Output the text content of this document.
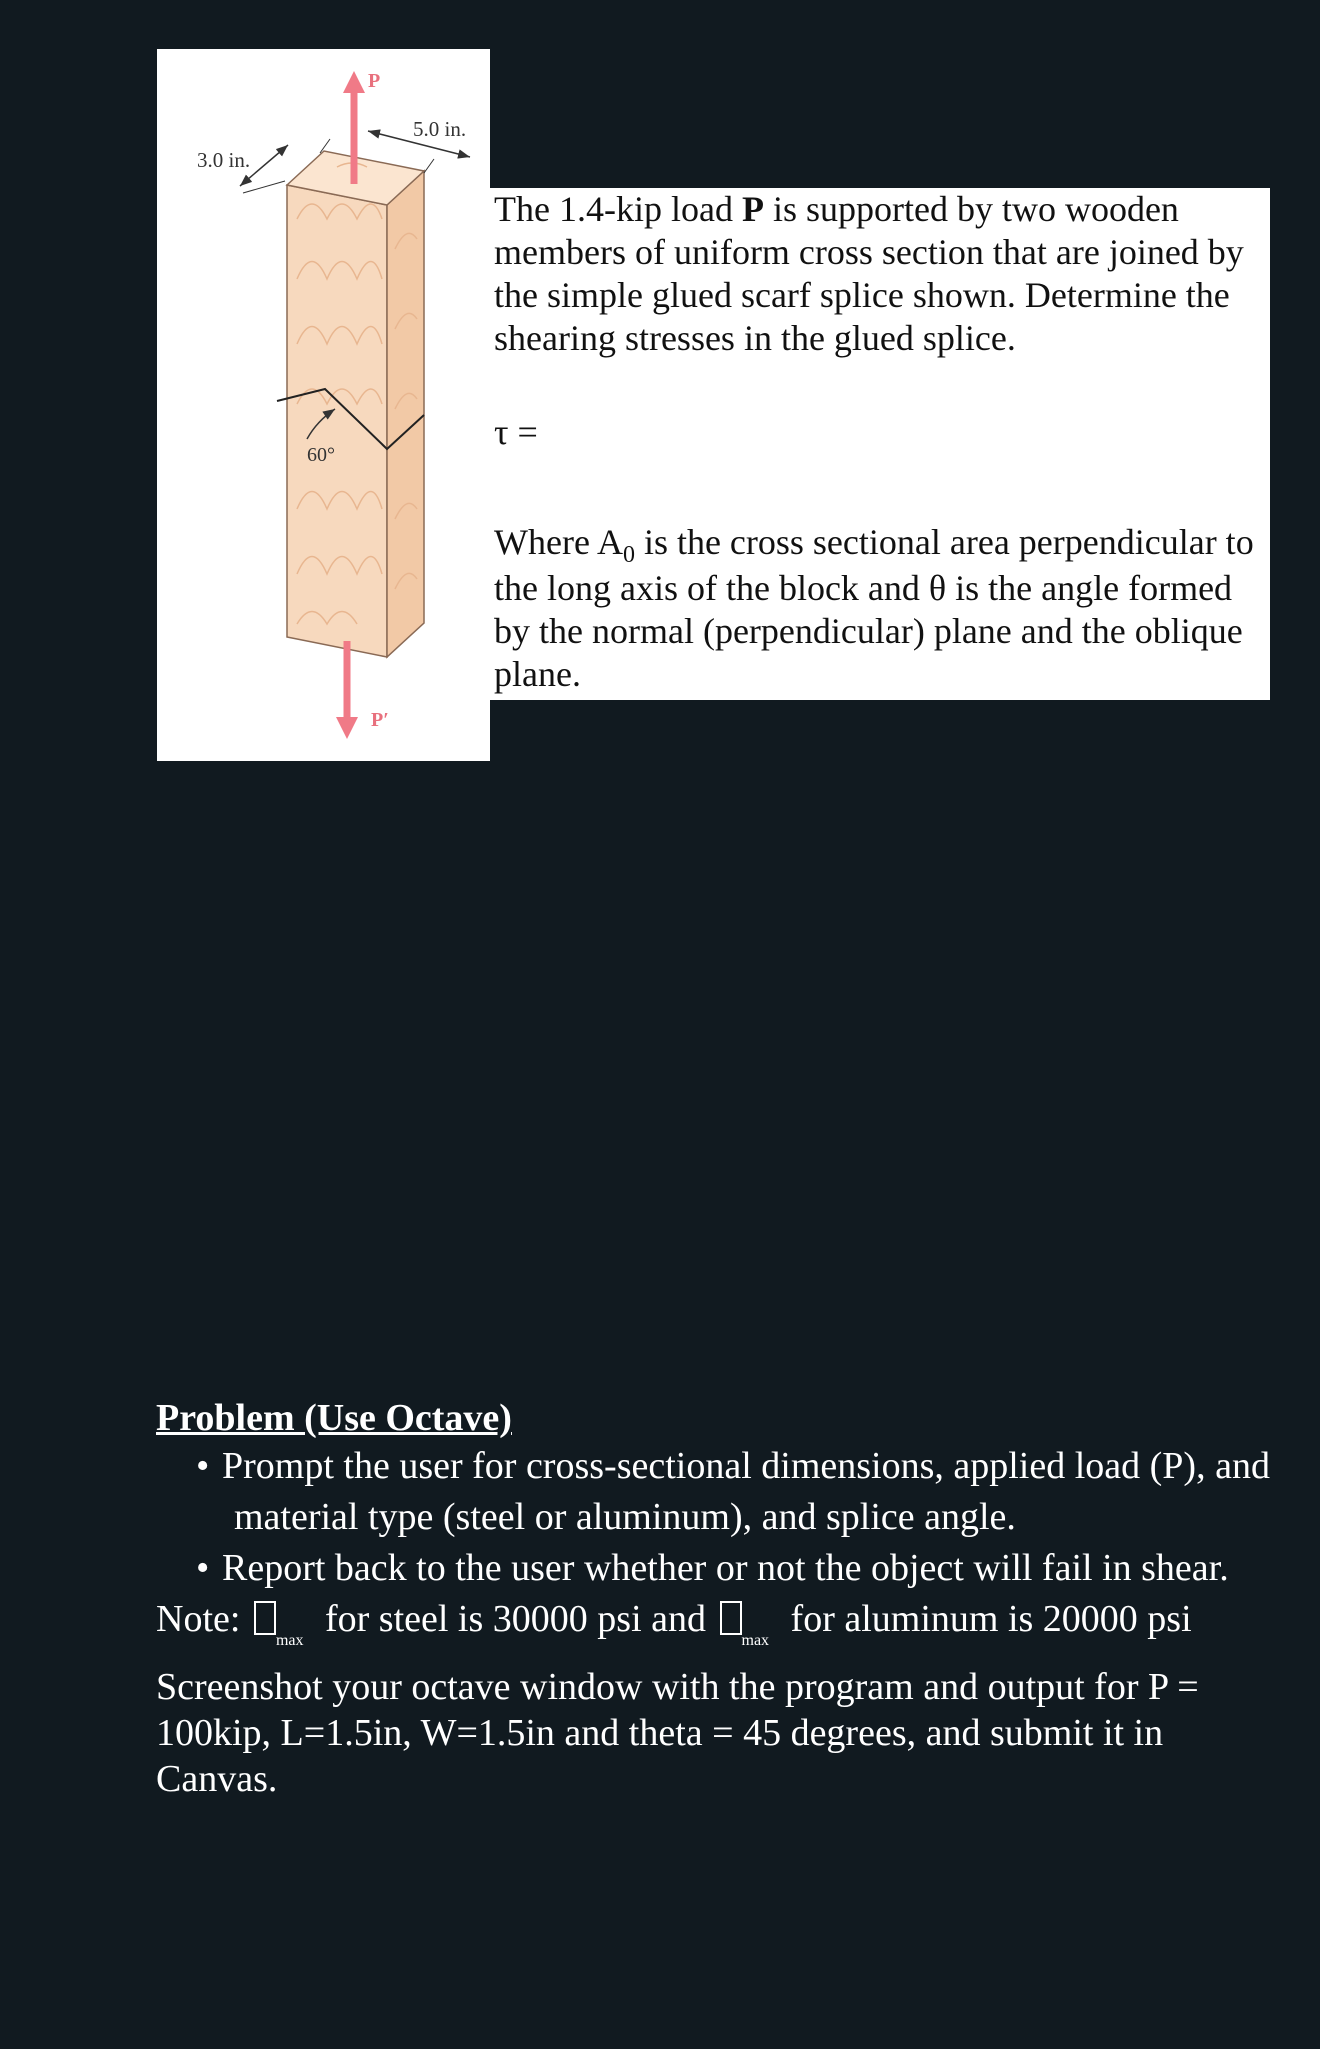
60°
P
P′
5.0 in.
3.0 in.
The 1.4-kip load P is supported by two wooden members of uniform cross section that are joined by the simple glued scarf splice shown. Determine the shearing stresses in the glued splice.
τ =
Where $A_0$ is the cross sectional area perpendicular to the long axis of the block and θ is the angle formed by the normal (perpendicular) plane and the oblique plane.
Problem (Use Octave)
• Prompt the user for cross-sectional dimensions, applied load (P), and material type (steel or aluminum), and splice angle.
• Report back to the user whether or not the object will fail in shear.
Note: $_{max}$ for steel is 30000 psi and $_{max}$ for aluminum is 20000 psi
Screenshot your octave window with the program and output for P = 100kip, L=1.5in, W=1.5in and theta = 45 degrees, and submit it in Canvas.
